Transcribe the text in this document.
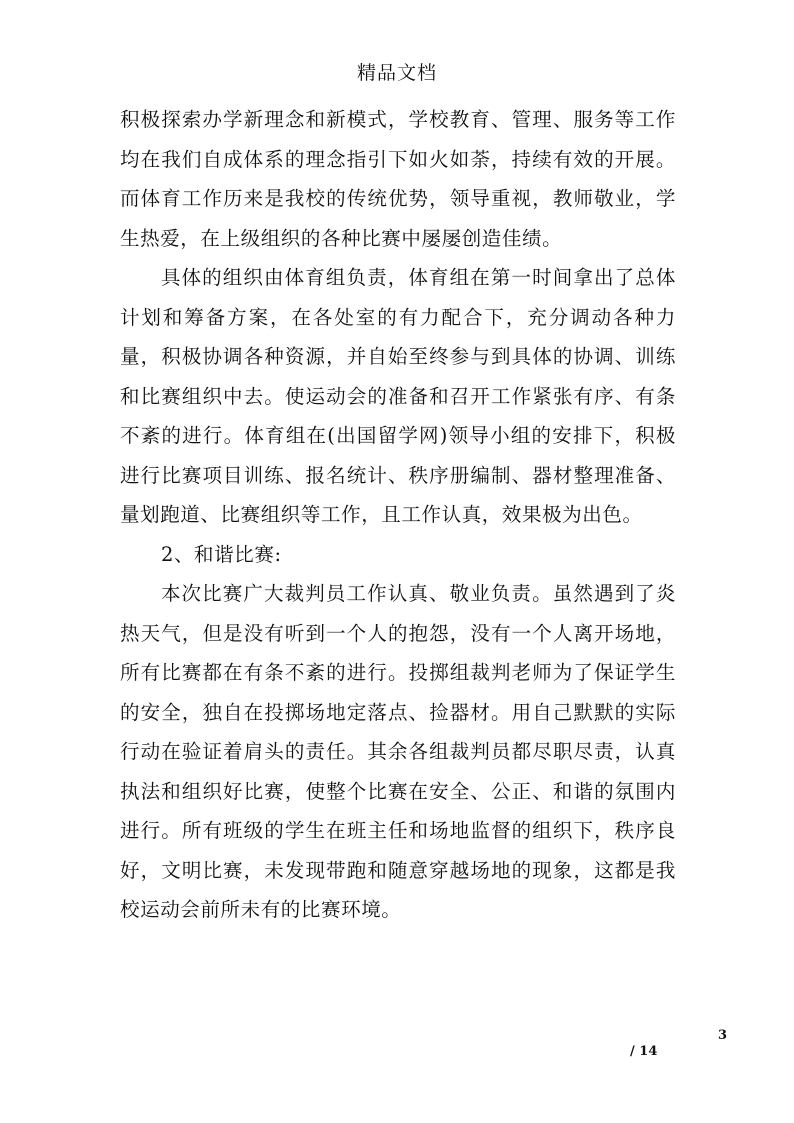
精品文档

积极探索办学新理念和新模式，学校教育、管理、服务等工作均在我们自成体系的理念指引下如火如荼，持续有效的开展。而体育工作历来是我校的传统优势，领导重视，教师敬业，学生热爱，在上级组织的各种比赛中屡屡创造佳绩。

具体的组织由体育组负责，体育组在第一时间拿出了总体计划和筹备方案，在各处室的有力配合下，充分调动各种力量，积极协调各种资源，并自始至终参与到具体的协调、训练和比赛组织中去。使运动会的准备和召开工作紧张有序、有条不紊的进行。体育组在(出国留学网)领导小组的安排下，积极进行比赛项目训练、报名统计、秩序册编制、器材整理准备、量划跑道、比赛组织等工作，且工作认真，效果极为出色。

2、和谐比赛:

本次比赛广大裁判员工作认真、敬业负责。虽然遇到了炎热天气，但是没有听到一个人的抱怨，没有一个人离开场地，所有比赛都在有条不紊的进行。投掷组裁判老师为了保证学生的安全，独自在投掷场地定落点、捡器材。用自己默默的实际行动在验证着肩头的责任。其余各组裁判员都尽职尽责，认真执法和组织好比赛，使整个比赛在安全、公正、和谐的氛围内进行。所有班级的学生在班主任和场地监督的组织下，秩序良好，文明比赛，未发现带跑和随意穿越场地的现象，这都是我校运动会前所未有的比赛环境。

3
/ 14
